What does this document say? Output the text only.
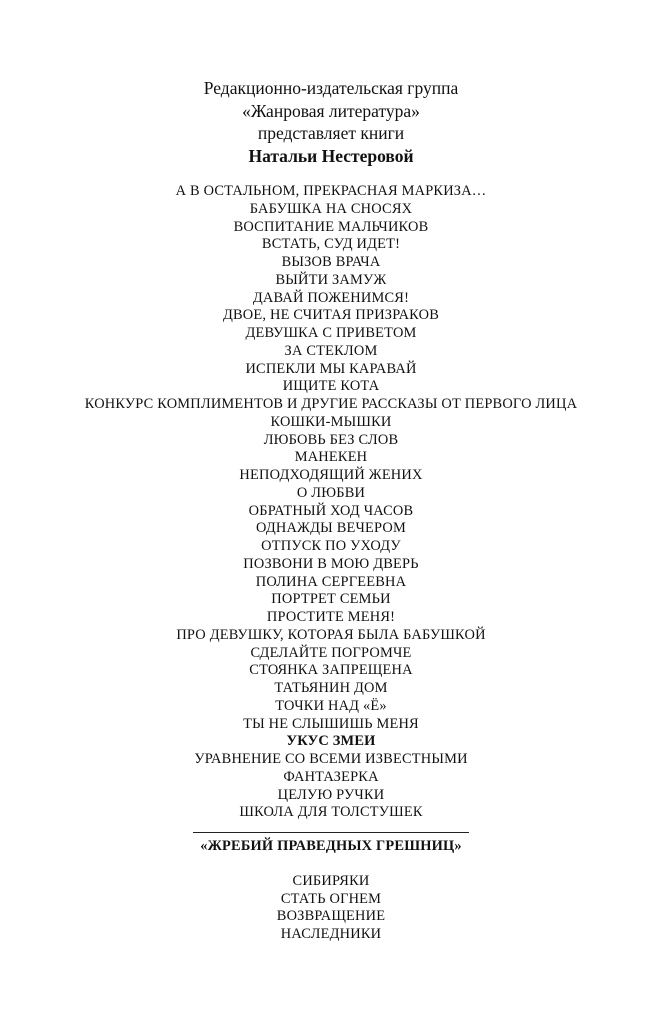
Редакционно-издательская группа
«Жанровая литература»
представляет книги
Натальи Нестеровой
А В ОСТАЛЬНОМ, ПРЕКРАСНАЯ МАРКИЗА…
БАБУШКА НА СНОСЯХ
ВОСПИТАНИЕ МАЛЬЧИКОВ
ВСТАТЬ, СУД ИДЕТ!
ВЫЗОВ ВРАЧА
ВЫЙТИ ЗАМУЖ
ДАВАЙ ПОЖЕНИМСЯ!
ДВОЕ, НЕ СЧИТАЯ ПРИЗРАКОВ
ДЕВУШКА С ПРИВЕТОМ
ЗА СТЕКЛОМ
ИСПЕКЛИ МЫ КАРАВАЙ
ИЩИТЕ КОТА
КОНКУРС КОМПЛИМЕНТОВ И ДРУГИЕ РАССКАЗЫ ОТ ПЕРВОГО ЛИЦА
КОШКИ-МЫШКИ
ЛЮБОВЬ БЕЗ СЛОВ
МАНЕКЕН
НЕПОДХОДЯЩИЙ ЖЕНИХ
О ЛЮБВИ
ОБРАТНЫЙ ХОД ЧАСОВ
ОДНАЖДЫ ВЕЧЕРОМ
ОТПУСК ПО УХОДУ
ПОЗВОНИ В МОЮ ДВЕРЬ
ПОЛИНА СЕРГЕЕВНА
ПОРТРЕТ СЕМЬИ
ПРОСТИТЕ МЕНЯ!
ПРО ДЕВУШКУ, КОТОРАЯ БЫЛА БАБУШКОЙ
СДЕЛАЙТЕ ПОГРОМЧЕ
СТОЯНКА ЗАПРЕЩЕНА
ТАТЬЯНИН ДОМ
ТОЧКИ НАД «Ё»
ТЫ НЕ СЛЫШИШЬ МЕНЯ
УКУС ЗМЕИ
УРАВНЕНИЕ СО ВСЕМИ ИЗВЕСТНЫМИ
ФАНТАЗЕРКА
ЦЕЛУЮ РУЧКИ
ШКОЛА ДЛЯ ТОЛСТУШЕК
«ЖРЕБИЙ ПРАВЕДНЫХ ГРЕШНИЦ»
СИБИРЯКИ
СТАТЬ ОГНЕМ
ВОЗВРАЩЕНИЕ
НАСЛЕДНИКИ
